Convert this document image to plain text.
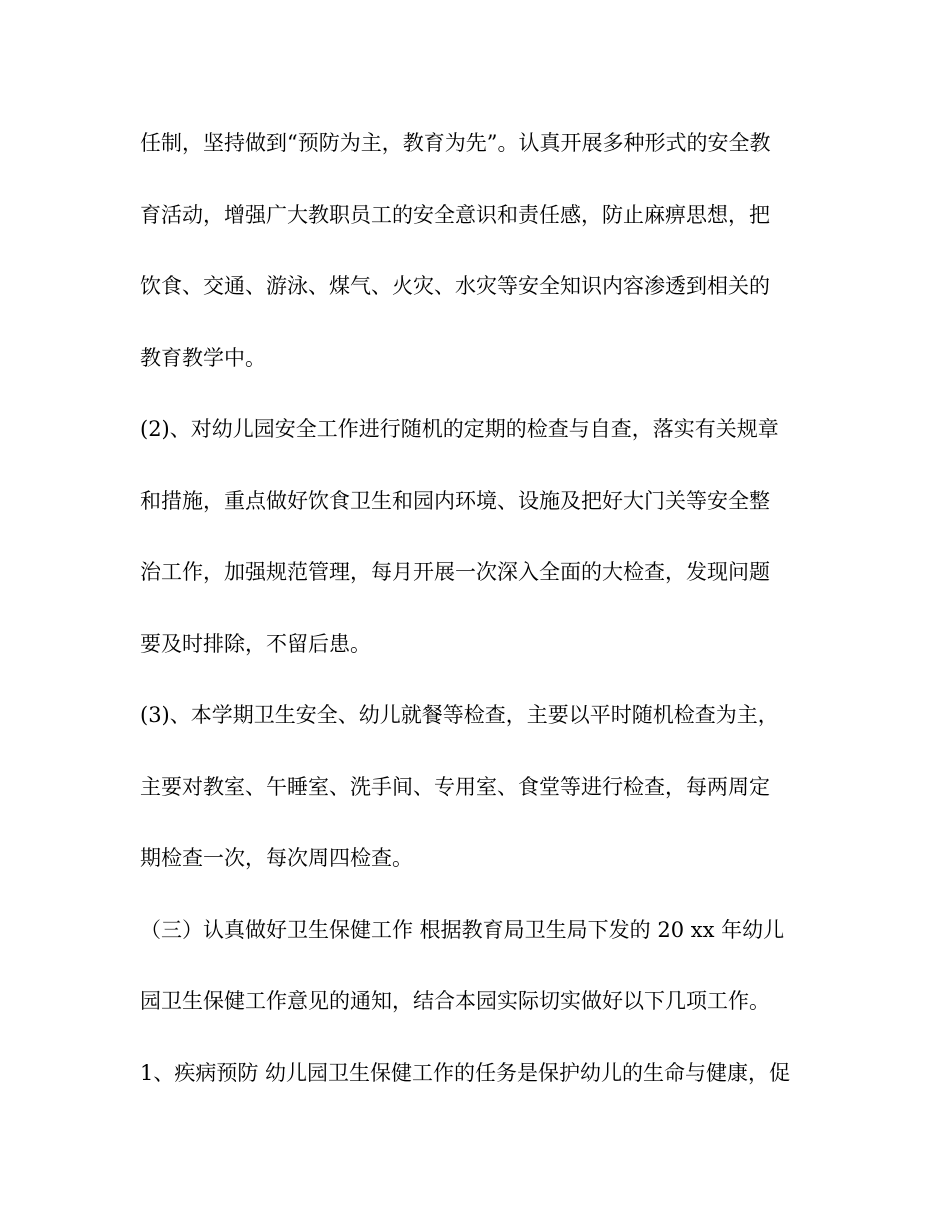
任制，坚持做到“预防为主，教育为先”。认真开展多种形式的安全教
育活动，增强广大教职员工的安全意识和责任感，防止麻痹思想，把
饮食、交通、游泳、煤气、火灾、水灾等安全知识内容渗透到相关的
教育教学中。
(2)、对幼儿园安全工作进行随机的定期的检查与自查，落实有关规章
和措施，重点做好饮食卫生和园内环境、设施及把好大门关等安全整
治工作，加强规范管理，每月开展一次深入全面的大检查，发现问题
要及时排除，不留后患。
(3)、本学期卫生安全、幼儿就餐等检查，主要以平时随机检查为主，
主要对教室、午睡室、洗手间、专用室、食堂等进行检查，每两周定
期检查一次，每次周四检查。
（三）认真做好卫生保健工作 根据教育局卫生局下发的 20 xx 年幼儿
园卫生保健工作意见的通知，结合本园实际切实做好以下几项工作。
1、疾病预防 幼儿园卫生保健工作的任务是保护幼儿的生命与健康，促
